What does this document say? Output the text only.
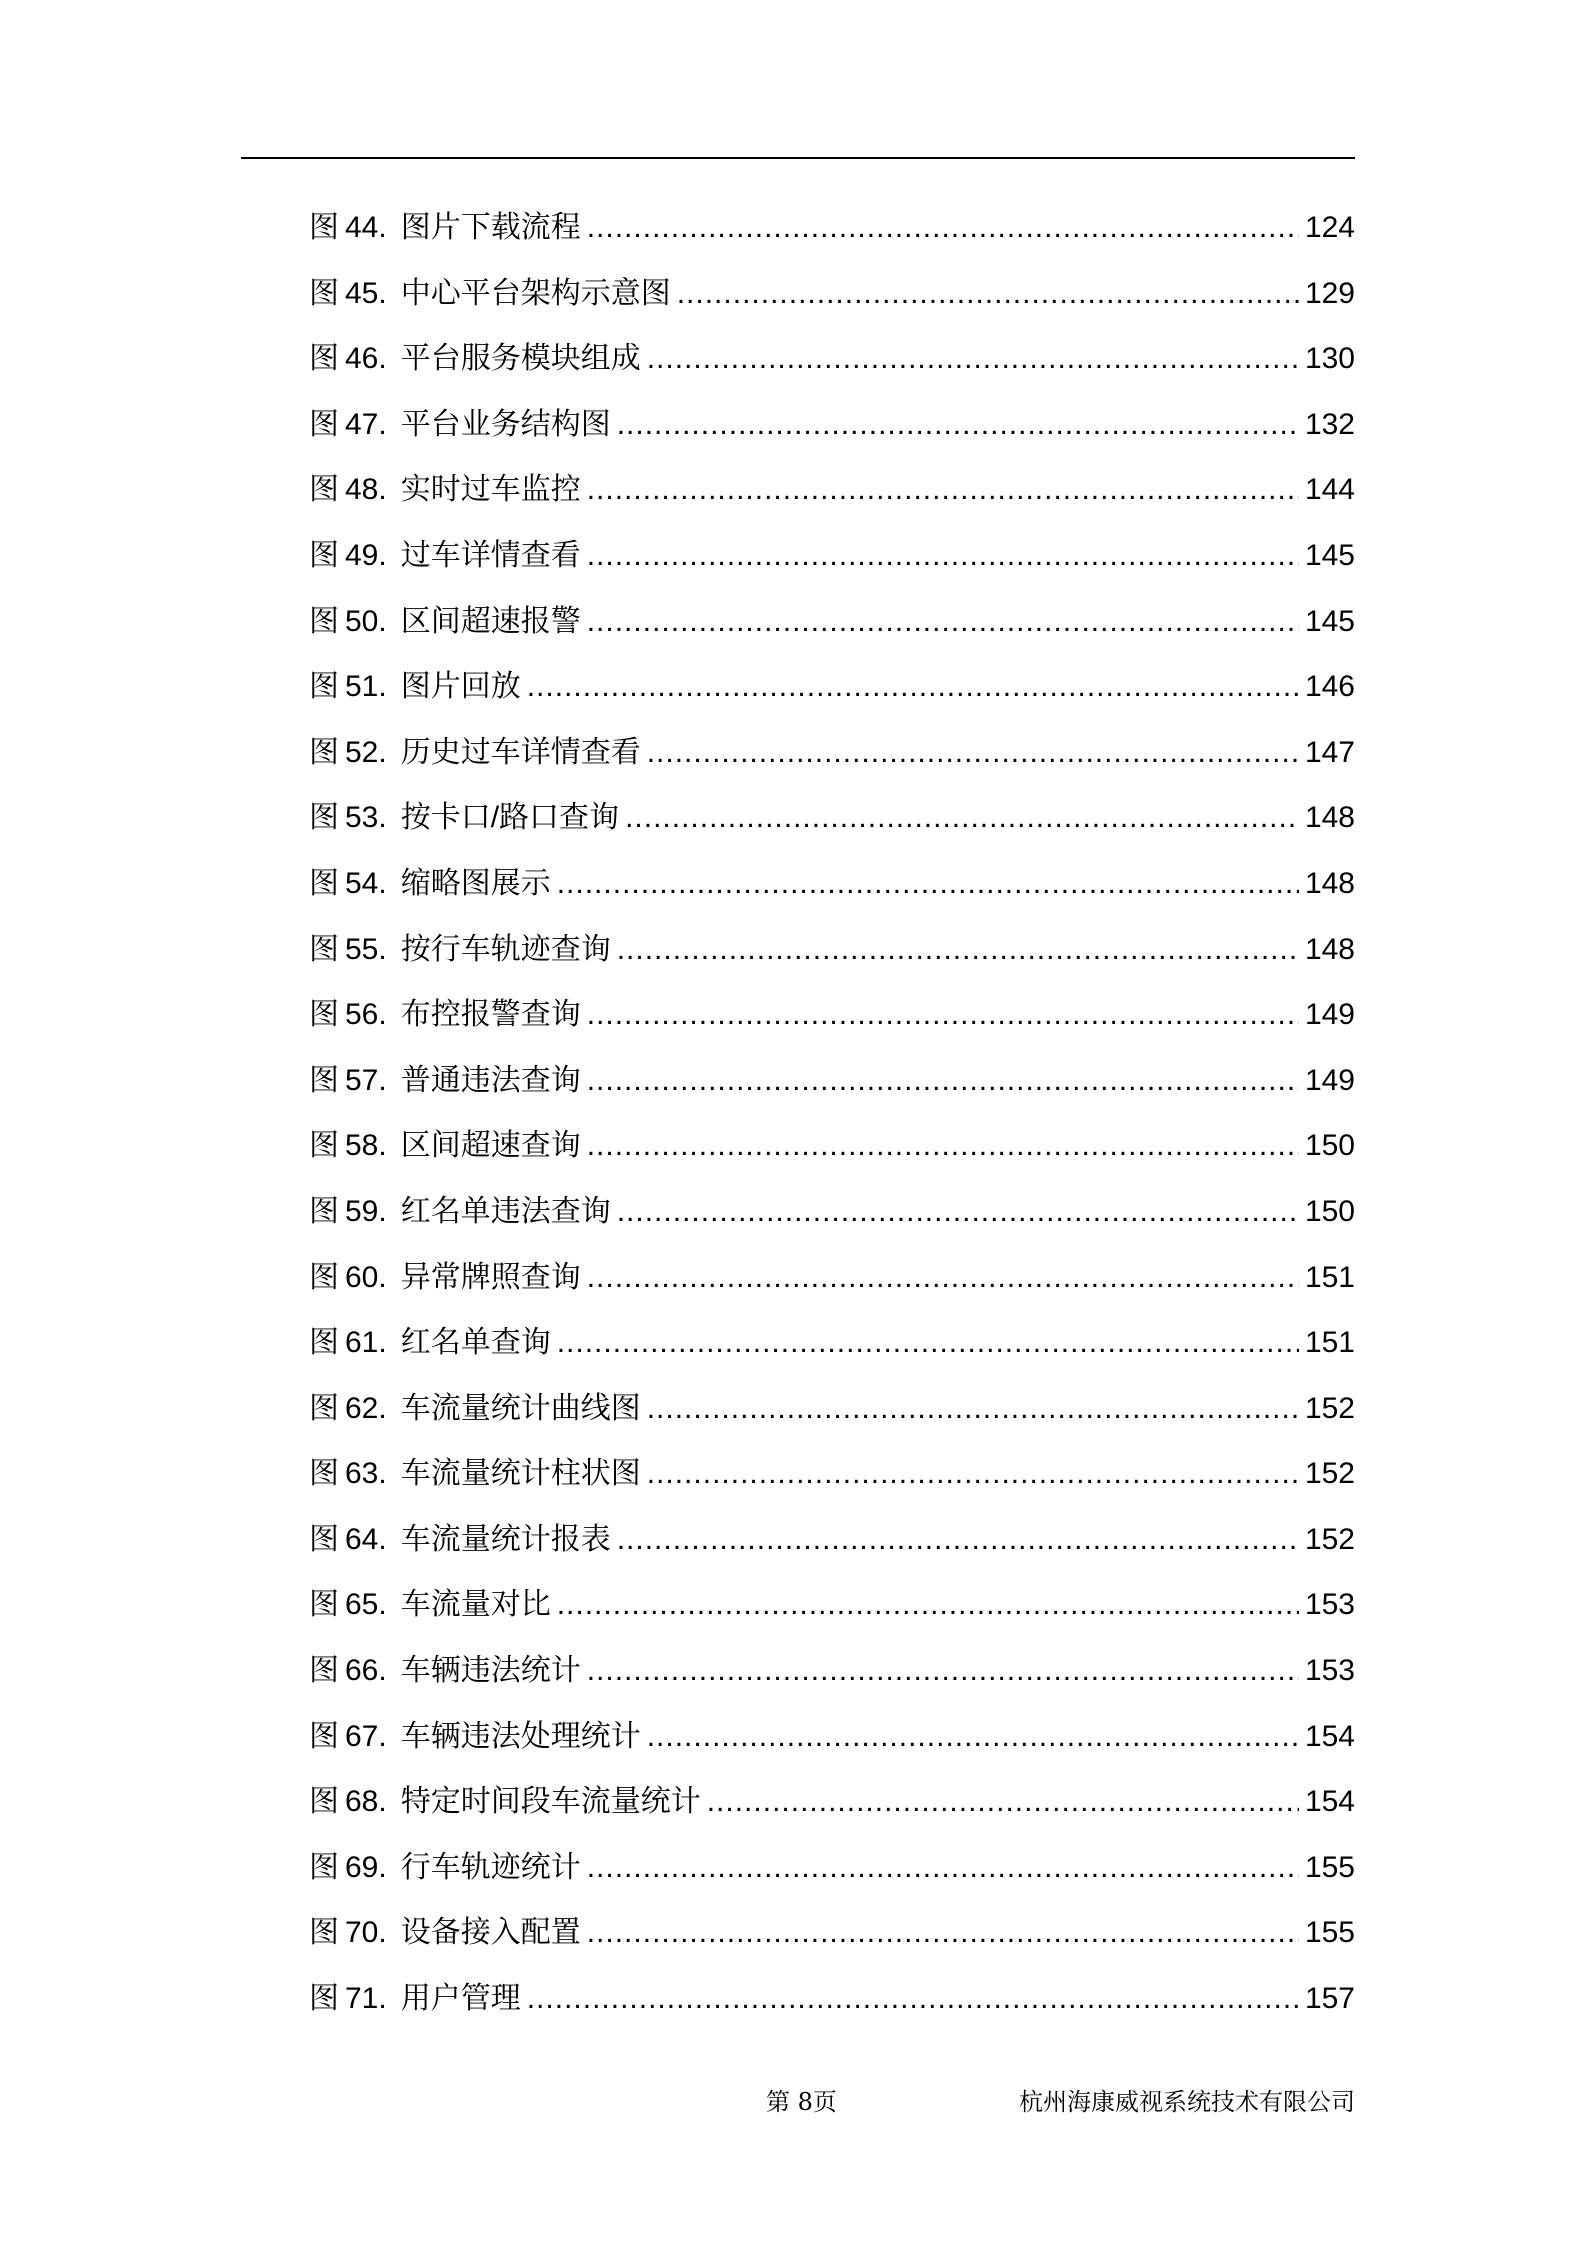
图 44. 图片下载流程 .....	124
图 45. 中心平台架构示意图 .....	129
图 46. 平台服务模块组成 .....	130
图 47. 平台业务结构图 .....	132
图 48. 实时过车监控 .....	144
图 49. 过车详情查看 .....	145
图 50. 区间超速报警 .....	145
图 51. 图片回放 .....	146
图 52. 历史过车详情查看 .....	147
图 53. 按卡口/路口查询 .....	148
图 54. 缩略图展示 .....	148
图 55. 按行车轨迹查询 .....	148
图 56. 布控报警查询 .....	149
图 57. 普通违法查询 .....	149
图 58. 区间超速查询 .....	150
图 59. 红名单违法查询 .....	150
图 60. 异常牌照查询 .....	151
图 61. 红名单查询 .....	151
图 62. 车流量统计曲线图 .....	152
图 63. 车流量统计柱状图 .....	152
图 64. 车流量统计报表 .....	152
图 65. 车流量对比 .....	153
图 66. 车辆违法统计 .....	153
图 67. 车辆违法处理统计 .....	154
图 68. 特定时间段车流量统计 .....	154
图 69. 行车轨迹统计 .....	155
图 70. 设备接入配置 .....	155
图 71. 用户管理 .....	157
第 8页	杭州海康威视系统技术有限公司
